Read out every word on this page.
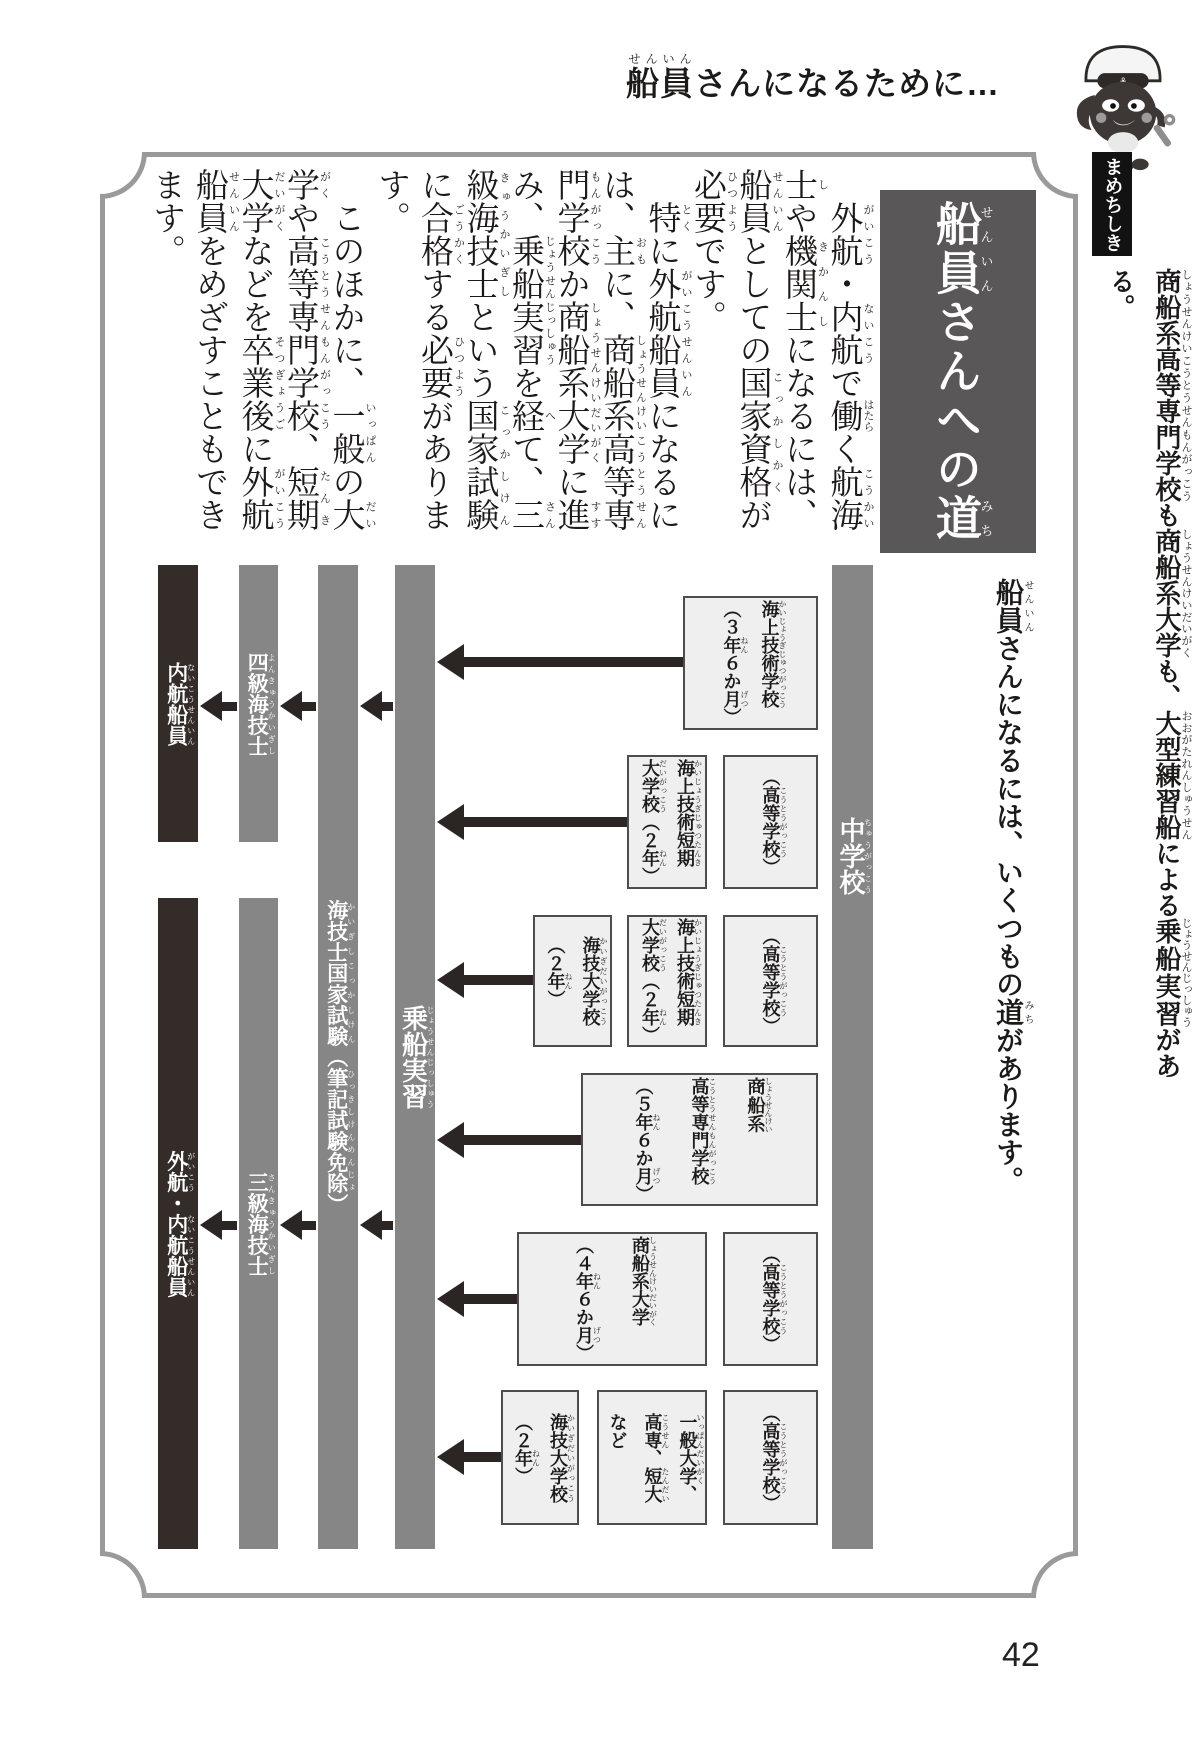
船員せんいんさんになるために…
まめちしき
商船系高等専門学校しょうせんけいこうとうせんもんがっこうも商船系大学しょうせんけいだいがくも、大型練習船おおがたれんしゅうせんによる乗船実習じょうせんじっしゅうがある。
船員せんいんさんへの道みち
船員せんいんさんになるには、いくつもの道みちがあります。
　外航がいこう・内航ないこうで働はたらく航海こうかい士しや機関士きかんしになるには、船員せんいんとしての国家こっか資格しかくが必要ひつようです。
　特とくに外航船員がいこうせんいんになるには、主おもに、商船系しょうせんけい高等専こうとうせん門学校もんがっこうか商船系大学しょうせんけいだいがくに進すすみ、乗船実習じょうせんじっしゅうを経へて、三さん級海技士きゅうかいぎしという国家試験こっかしけんに合格ごうかくする必要ひつようがあります。
　このほかに、一般いっぱんの大だい学がくや高等専門学校こうとうせんもんがっこう、短期たんき大学だいがくなどを卒業後そつぎょうごに外航がいこう船員せんいんをめざすこともできます。
中学校ちゅうがっこう
乗船実習じょうせんじっしゅう
海技士国家試験 かいぎしこっかしけん（筆記試験免除 ひっきしけんめんじょ）
四級海技士 よんきゅうかいぎし
内航船員 ないこうせんいん
三級海技士 さんきゅうかいぎし
外航 がいこう・内航船員 ないこうせんいん
海上技術学校かいじょうぎじゅつがっこう
（３年ねん６か月げつ）
海上技術短期かいじょうぎじゅつたんき
大学校だいがっこう（２年ねん）
（高等学校こうとうがっこう）
海技大学校かいぎだいがっこう
（２年ねん）	海上技術短期かいじょうぎじゅつたんき
大学校だいがっこう（２年ねん）
（高等学校こうとうがっこう）
商船系しょうせんけい
高等専門学校こうとうせんもんがっこう
（５年ねん６か月げつ）
商船系大学しょうせんけいだいがく
（４年ねん６か月げつ）
（高等学校こうとうがっこう）
海技大学校かいぎだいがっこう
（２年ねん）	一般大学いっぱんだいがく、
高専こうせん、短大たんだい
など	（高等学校こうとうがっこう）
42
